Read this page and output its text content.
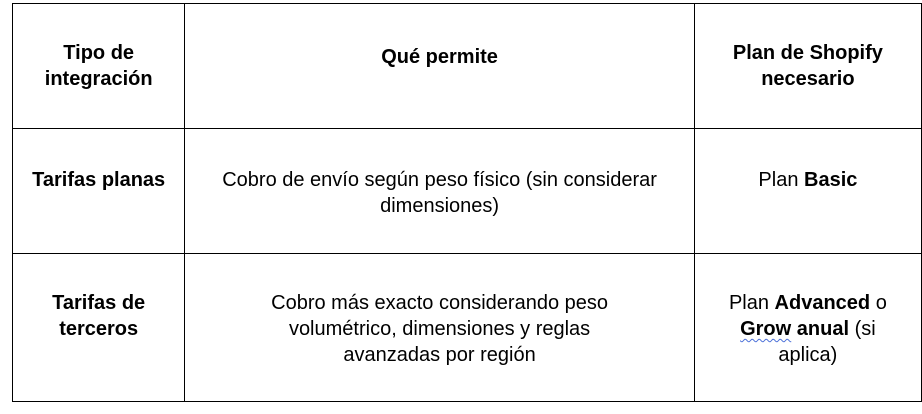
Tipo de integración	Qué permite	Plan de Shopify necesario

Tarifas planas	Cobro de envío según peso físico (sin considerar dimensiones)	Plan Basic

Tarifas de terceros	Cobro más exacto considerando peso volumétrico, dimensiones y reglas avanzadas por región	Plan Advanced o Grow anual (si aplica)
